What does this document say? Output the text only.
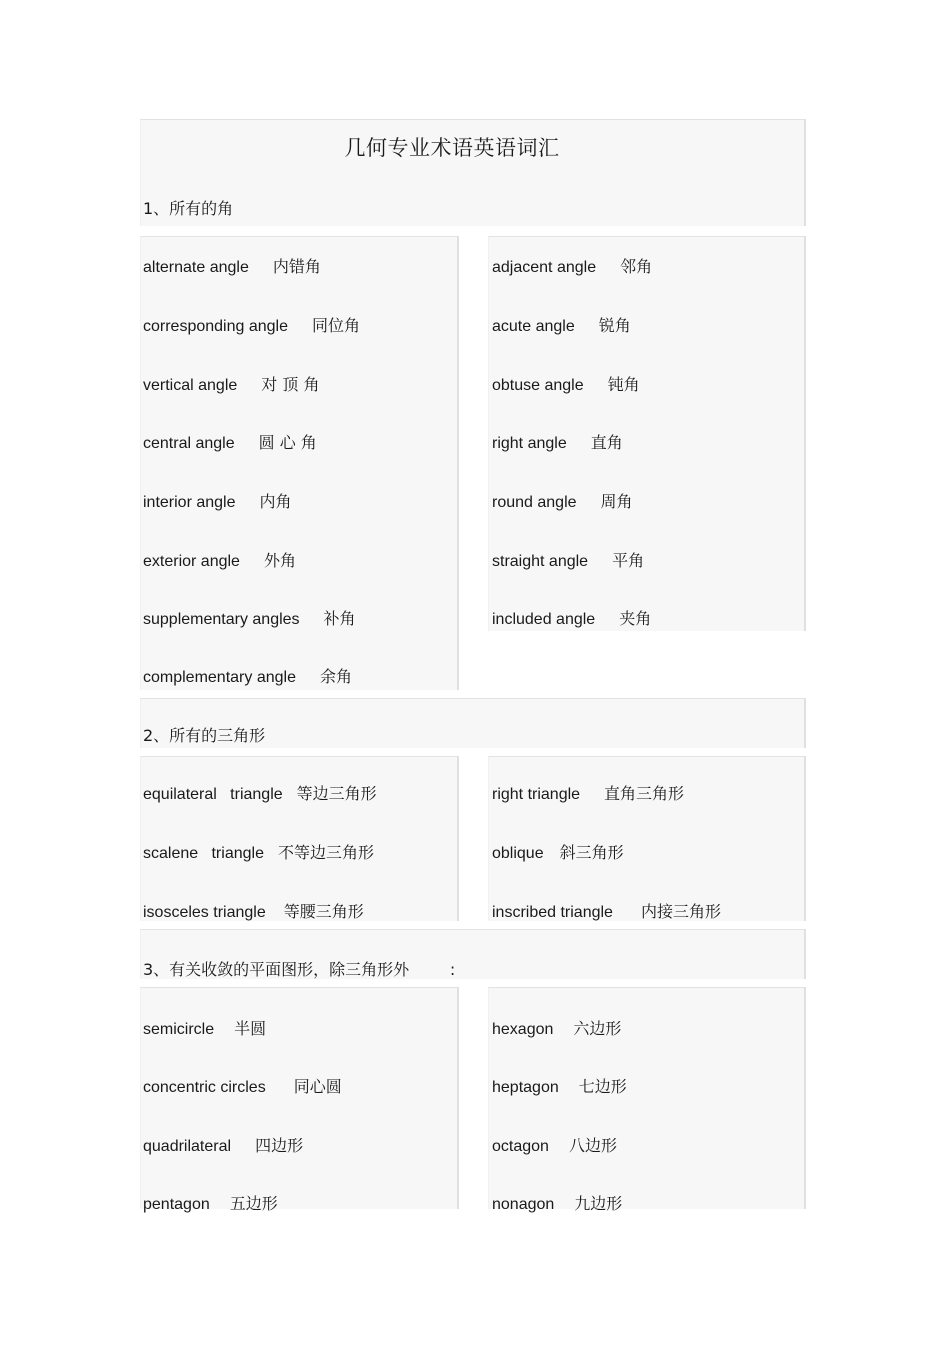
几何专业术语英语词汇
1、所有的角
alternate angle 内错角
corresponding angle 同位角
vertical angle 对 顶 角
central angle 圆 心 角
interior angle 内角
exterior angle 外角
supplementary angles 补角
complementary angle 余角
adjacent angle 邻角
acute angle 锐角
obtuse angle 钝角
right angle 直角
round angle 周角
straight angle 平角
included angle 夹角
2、所有的三角形
equilateral   triangle 等边三角形
scalene   triangle 不等边三角形
isosceles triangle 等腰三角形
right triangle 直角三角形
oblique 斜三角形
inscribed triangle 内接三角形
3、有关收敛的平面图形，除三角形外        :
semicircle 半圆
concentric circles 同心圆
quadrilateral 四边形
pentagon 五边形
hexagon 六边形
heptagon 七边形
octagon 八边形
nonagon 九边形
